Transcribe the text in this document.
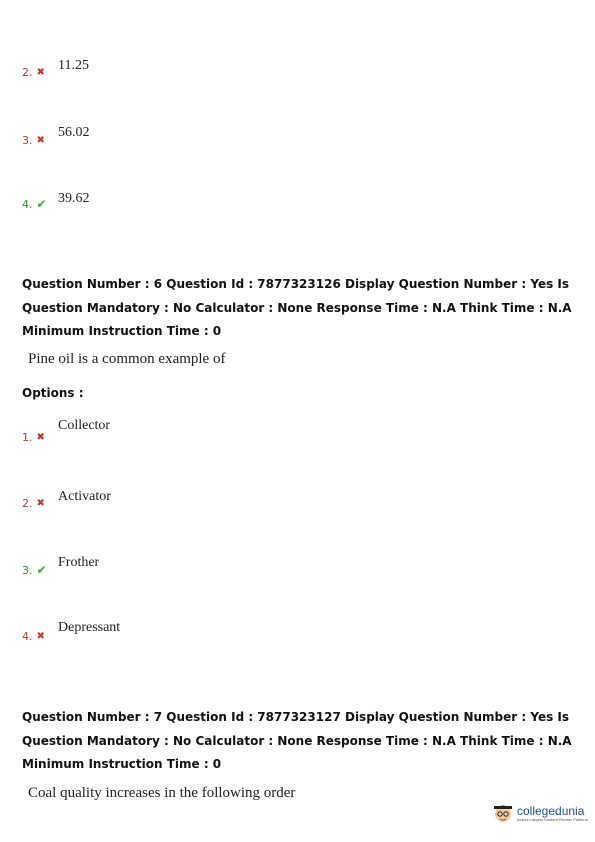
2. ✖ 11.25
3. ✖
56.02
4. ✔ 39.62
Question Number : 6 Question Id : 7877323126 Display Question Number : Yes Is Question Mandatory : No Calculator : None Response Time : N.A Think Time : N.A Minimum Instruction Time : 0
Pine oil is a common example of
Options :
1. ✖
Collector
2. ✖ Activator
3. ✔ Frother
4. ✖
Depressant
Question Number : 7 Question Id : 7877323127 Display Question Number : Yes Is Question Mandatory : No Calculator : None Response Time : N.A Think Time : N.A Minimum Instruction Time : 0
Coal quality increases in the following order
collegedunia
India's Largest Student Review Platform
